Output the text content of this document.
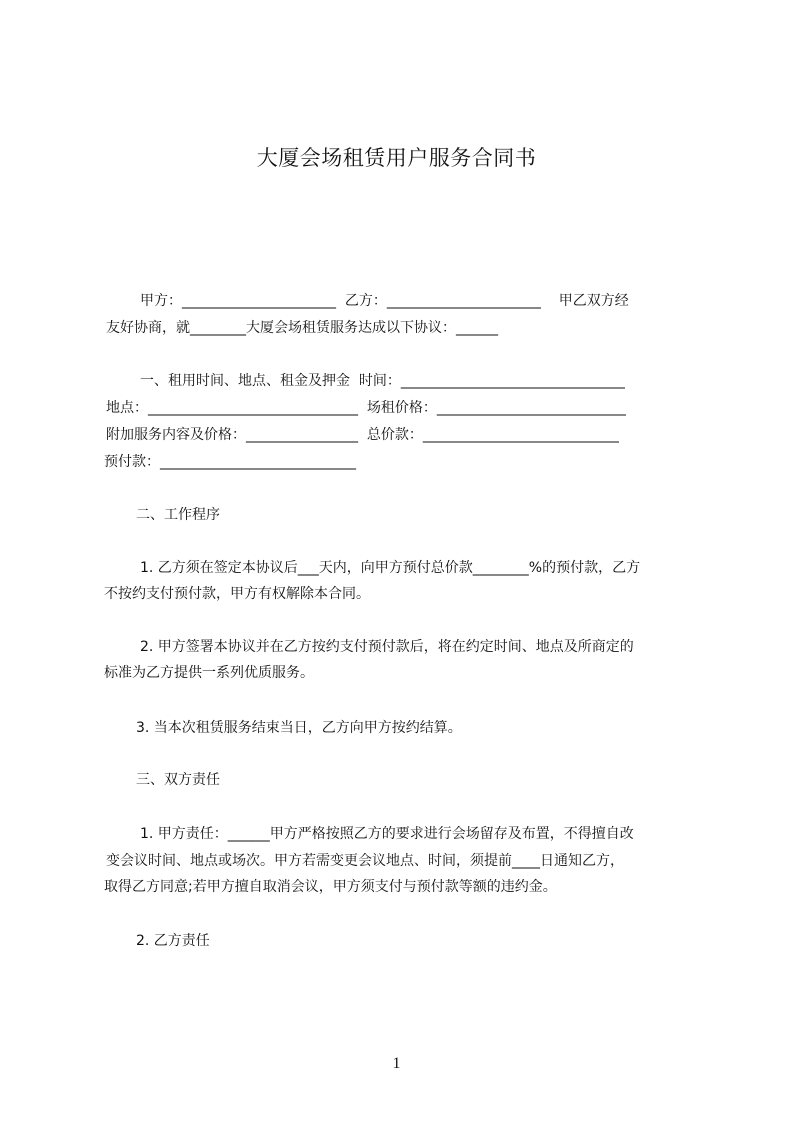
大厦会场租赁用户服务合同书
甲方：______________________  乙方：______________________    甲乙双方经
友好协商，就________大厦会场租赁服务达成以下协议：______
一、租用时间、地点、租金及押金  时间：________________________________
地点：______________________________  场租价格：___________________________
附加服务内容及价格：________________  总价款：____________________________
预付款：____________________________
二、工作程序
1. 乙方须在签定本协议后___天内，向甲方预付总价款________%的预付款，乙方
不按约支付预付款，甲方有权解除本合同。
2. 甲方签署本协议并在乙方按约支付预付款后，将在约定时间、地点及所商定的
标准为乙方提供一系列优质服务。
3. 当本次租赁服务结束当日，乙方向甲方按约结算。
三、双方责任
1. 甲方责任：______甲方严格按照乙方的要求进行会场留存及布置，不得擅自改
变会议时间、地点或场次。甲方若需变更会议地点、时间，须提前____日通知乙方，
取得乙方同意;若甲方擅自取消会议，甲方须支付与预付款等额的违约金。
2. 乙方责任
1
